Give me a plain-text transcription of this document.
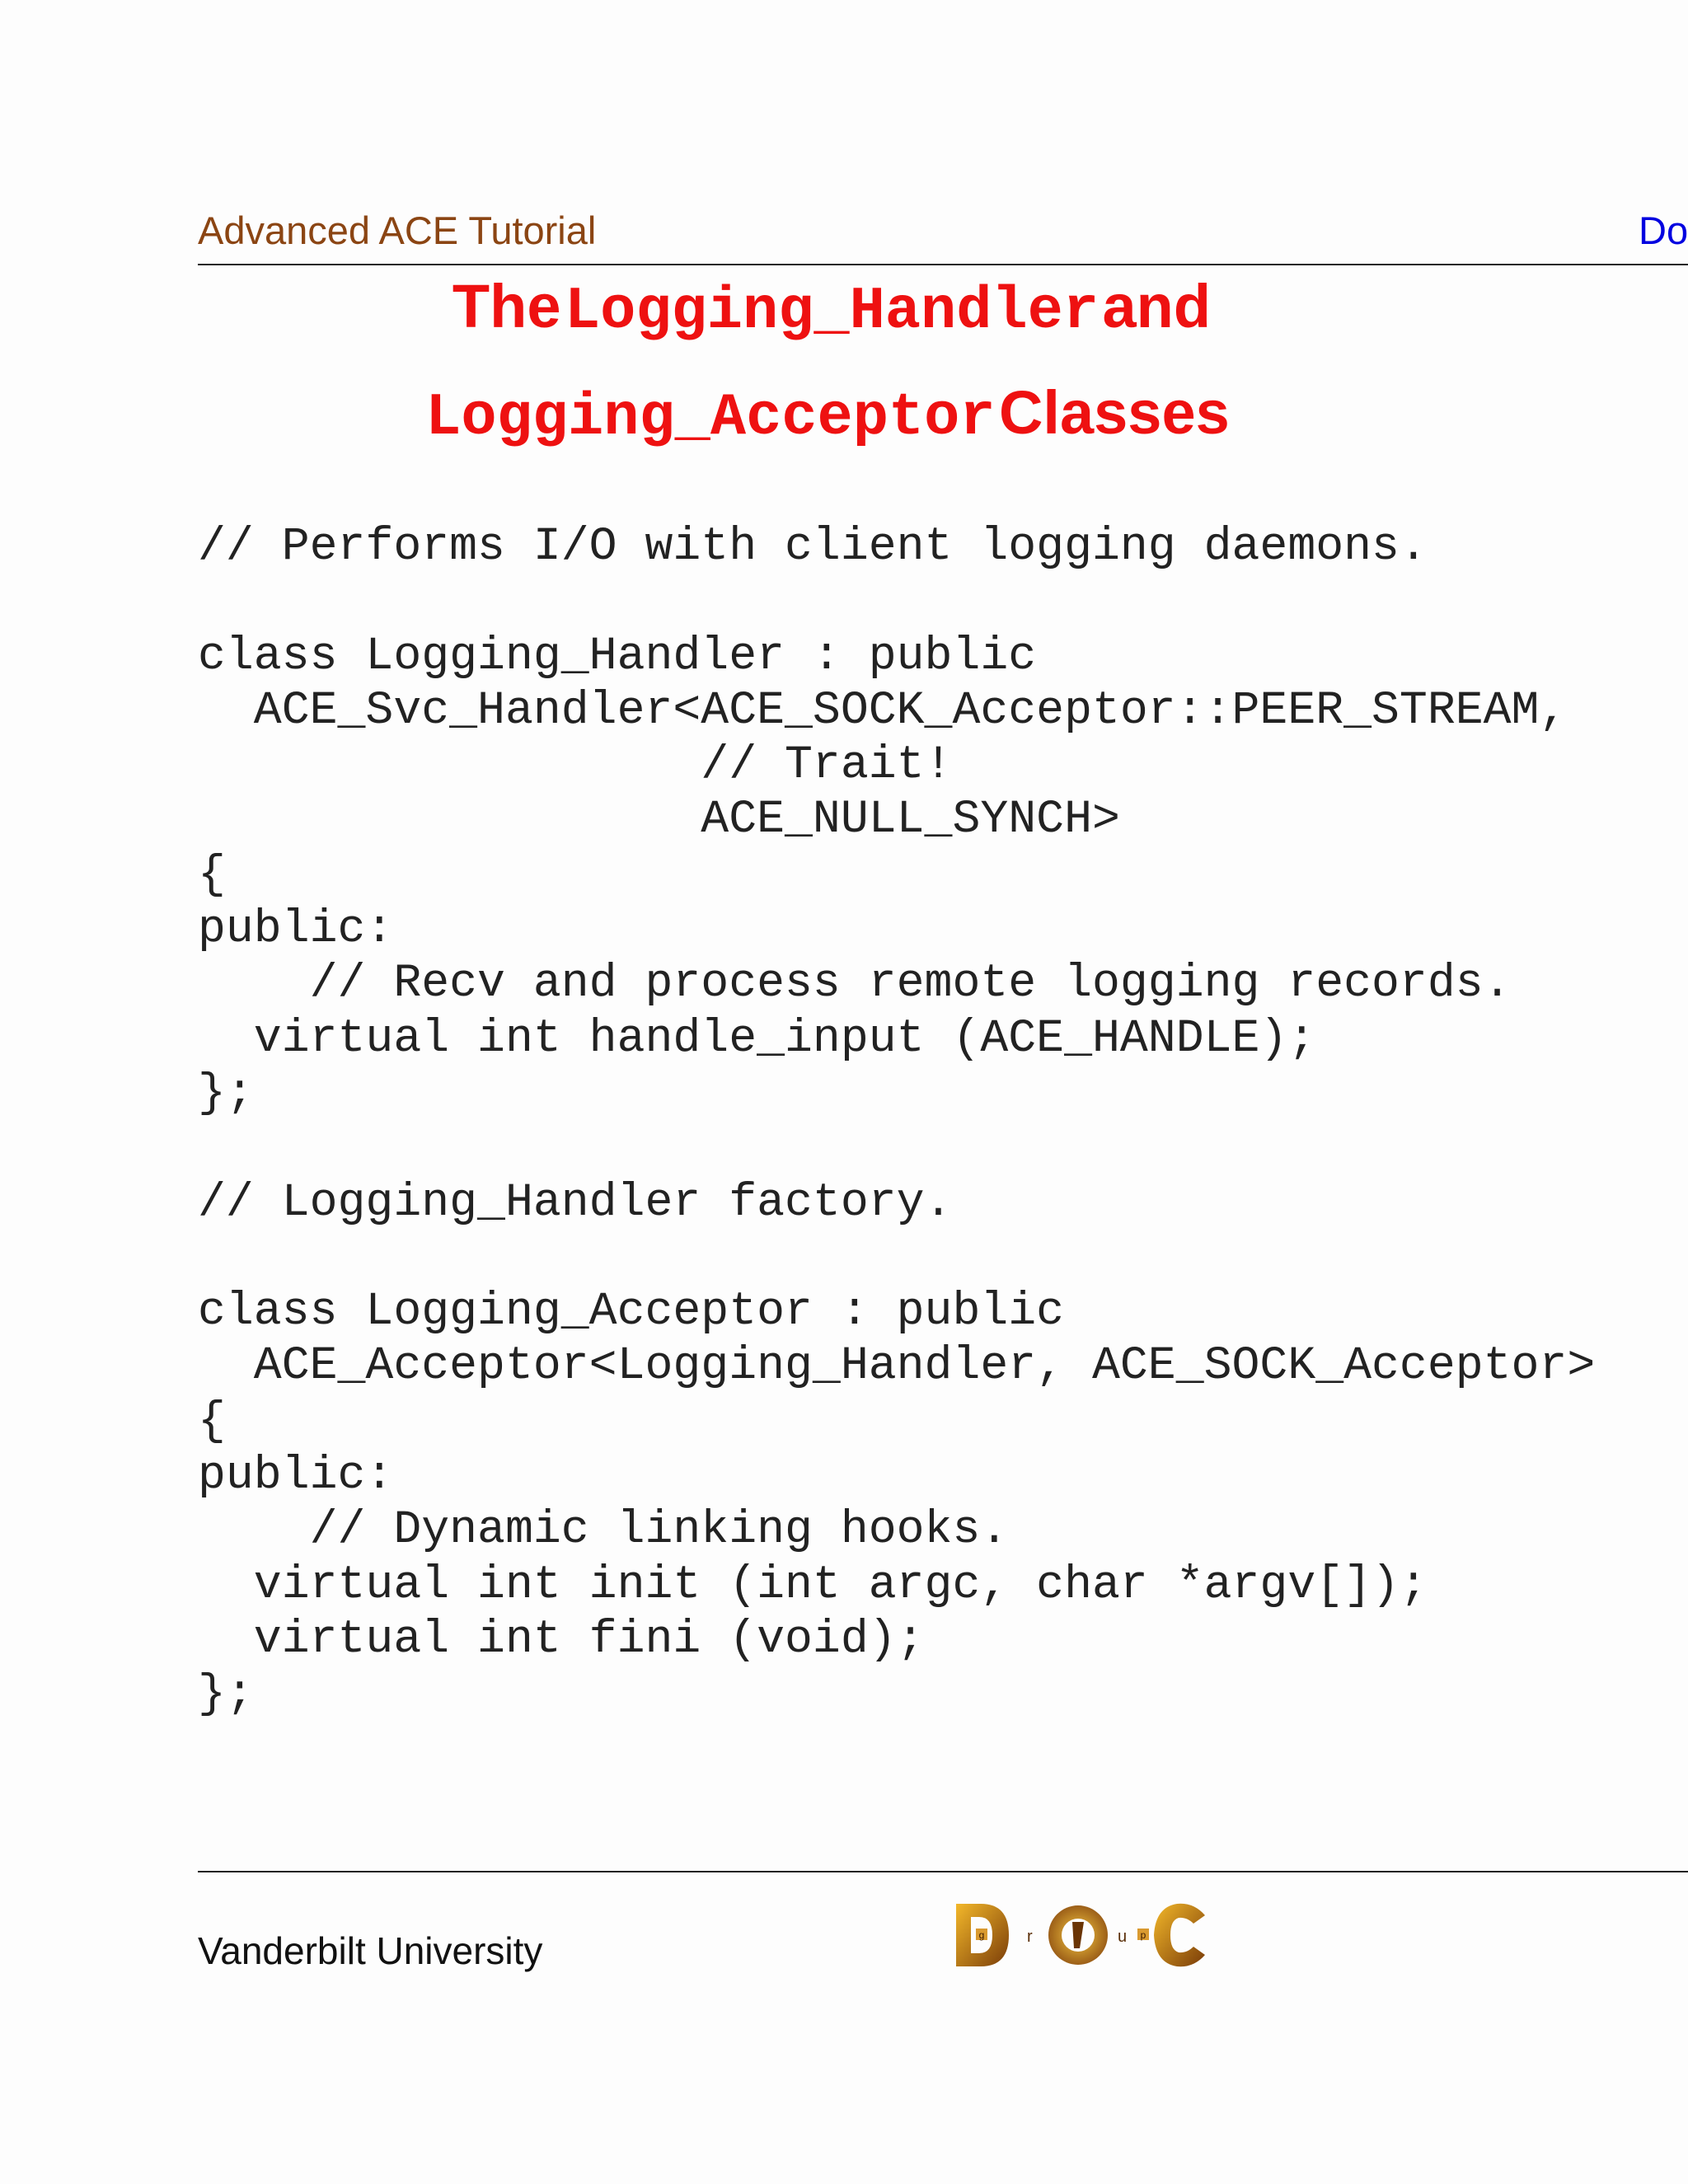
Advanced ACE Tutorial	Do
The Logging_Handler and
Logging_Acceptor Classes
// Performs I/O with client logging daemons.
class Logging_Handler : public
ACE_Svc_Handler<ACE_SOCK_Acceptor::PEER_STREAM,
// Trait!
ACE_NULL_SYNCH>
{
public:
// Recv and process remote logging records.
virtual int handle_input (ACE_HANDLE);
};
// Logging_Handler factory.
class Logging_Acceptor : public
ACE_Acceptor<Logging_Handler, ACE_SOCK_Acceptor>
{
public:
// Dynamic linking hooks.
virtual int init (int argc, char *argv[]);
virtual int fini (void);
};
Vanderbilt University	g	r	u p
